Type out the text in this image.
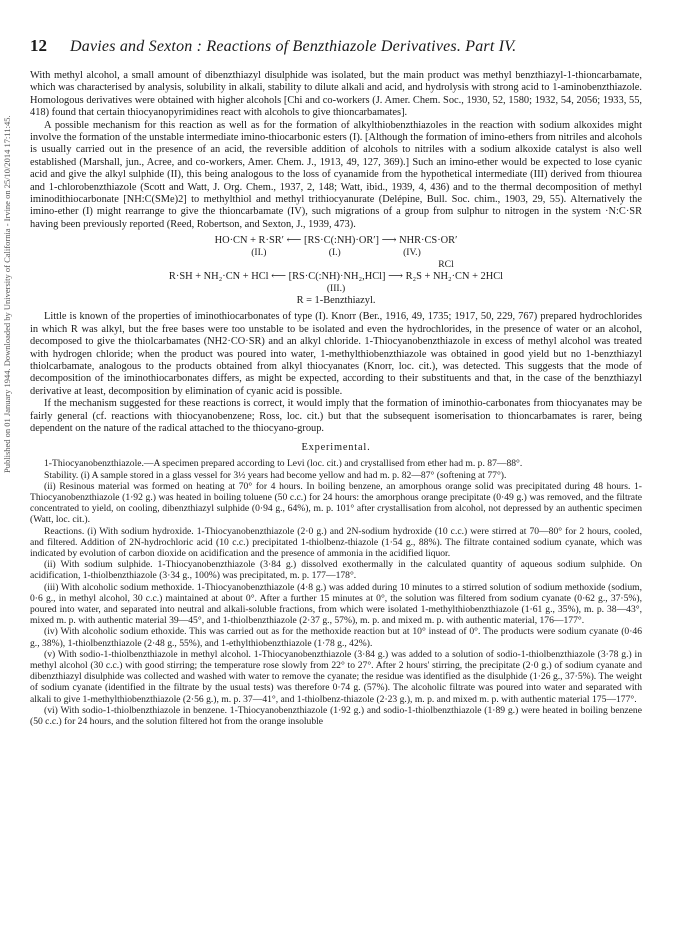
Published on 01 January 1944. Downloaded by University of California - Irvine on 25/10/2014 17:11:45.
12	Davies and Sexton : Reactions of Benzthiazole Derivatives. Part IV.

With methyl alcohol, a small amount of dibenzthiazyl disulphide was isolated, but the main product was methyl benzthiazyl-1-thioncarbamate, which was characterised by analysis, solubility in alkali, stability to dilute alkali and acid, and hydrolysis with strong acid to 1-aminobenzthiazole. Homologous derivatives were obtained with higher alcohols [Chi and co-workers (J. Amer. Chem. Soc., 1930, 52, 1580; 1932, 54, 2056; 1933, 55, 418) found that certain thiocyanopyrimidines react with alcohols to give thioncarbamates].

A possible mechanism for this reaction as well as for the formation of alkylthiobenzthiazoles in the reaction with sodium alkoxides might involve the formation of the unstable intermediate imino-thiocarbonic esters (I). [Although the formation of imino-ethers from nitriles and alcohols is usually carried out in the presence of an acid, the reversible addition of alcohols to nitriles with a sodium alkoxide catalyst is also well established (Marshall, jun., Acree, and co-workers, Amer. Chem. J., 1913, 49, 127, 369).] Such an imino-ether would be expected to lose cyanic acid and give the alkyl sulphide (II), this being analogous to the loss of cyanamide from the hypothetical intermediate (III) derived from thiourea and 1-chlorobenzthiazole (Scott and Watt, J. Org. Chem., 1937, 2, 148; Watt, ibid., 1939, 4, 436) and to the thermal decomposition of methyl iminodithiocarbonate [NH:C(SMe)2] to methylthiol and methyl trithiocyanurate (Delépine, Bull. Soc. chim., 1903, 29, 55). Alternatively the imino-ether (I) might rearrange to give the thioncarbamate (IV), such migrations of a group from sulphur to nitrogen in the system ·N:C·SR having been previously reported (Reed, Robertson, and Sexton, J., 1939, 473).

HO·CN + R·SR′ ⟵ [RS·C(:NH)·OR′] ⟶ NHR·CS·OR′
(II.)                          (I.)                          (IV.)
RCl
R·SH + NH₂·CN + HCl ⟵ [RS·C(:NH)·NH₂,HCl] ⟶ R₂S + NH₂·CN + 2HCl
(III.)
R = 1-Benzthiazyl.

Little is known of the properties of iminothiocarbonates of type (I). Knorr (Ber., 1916, 49, 1735; 1917, 50, 229, 767) prepared hydrochlorides in which R was alkyl, but the free bases were too unstable to be isolated and even the hydrochlorides, in the presence of water or an alcohol, decomposed to give the thiolcarbamates (NH2·CO·SR) and an alkyl chloride. 1-Thiocyanobenzthiazole in excess of methyl alcohol was treated with hydrogen chloride; when the product was poured into water, 1-methylthiobenzthiazole was obtained in good yield but no 1-benzthiazyl thiolcarbamate, analogous to the products obtained from alkyl thiocyanates (Knorr, loc. cit.), was detected. This suggests that the mode of decomposition of the iminothiocarbonates differs, as might be expected, according to their substituents and that, in the case of the benzthiazyl derivative at least, decomposition by elimination of cyanic acid is possible.

If the mechanism suggested for these reactions is correct, it would imply that the formation of iminothio-carbonates from thiocyanates may be fairly general (cf. reactions with thiocyanobenzene; Ross, loc. cit.) but that the subsequent isomerisation to thioncarbamates is rarer, being dependent on the nature of the radical attached to the thiocyano-group.

Experimental.

1-Thiocyanobenzthiazole.—A specimen prepared according to Levi (loc. cit.) and crystallised from ether had m. p. 87—88°.

Stability. (i) A sample stored in a glass vessel for 3½ years had become yellow and had m. p. 82—87° (softening at 77°).

(ii) Resinous material was formed on heating at 70° for 4 hours. In boiling benzene, an amorphous orange solid was precipitated during 48 hours. 1-Thiocyanobenzthiazole (1·92 g.) was heated in boiling toluene (50 c.c.) for 24 hours: the amorphous orange precipitate (0·49 g.) was removed, and the filtrate concentrated to yield, on cooling, dibenzthiazyl sulphide (0·94 g., 64%), m. p. 101° after crystallisation from alcohol, not depressed by an authentic specimen (Watt, loc. cit.).

Reactions. (i) With sodium hydroxide. 1-Thiocyanobenzthiazole (2·0 g.) and 2N-sodium hydroxide (10 c.c.) were stirred at 70—80° for 2 hours, cooled, and filtered. Addition of 2N-hydrochloric acid (10 c.c.) precipitated 1-thiolbenz-thiazole (1·54 g., 88%). The filtrate contained sodium cyanate, which was indicated by evolution of carbon dioxide on acidification and the presence of ammonia in the acidified liquor.

(ii) With sodium sulphide. 1-Thiocyanobenzthiazole (3·84 g.) dissolved exothermally in the calculated quantity of aqueous sodium sulphide. On acidification, 1-thiolbenzthiazole (3·34 g., 100%) was precipitated, m. p. 177—178°.

(iii) With alcoholic sodium methoxide. 1-Thiocyanobenzthiazole (4·8 g.) was added during 10 minutes to a stirred solution of sodium methoxide (sodium, 0·6 g., in methyl alcohol, 30 c.c.) maintained at about 0°. After a further 15 minutes at 0°, the solution was filtered from sodium cyanate (0·62 g., 37·5%), poured into water, and separated into neutral and alkali-soluble fractions, from which were isolated 1-methylthiobenzthiazole (1·61 g., 35%), m. p. 38—43°, mixed m. p. with authentic material 39—45°, and 1-thiolbenzthiazole (2·37 g., 57%), m. p. and mixed m. p. with authentic material, 176—177°.

(iv) With alcoholic sodium ethoxide. This was carried out as for the methoxide reaction but at 10° instead of 0°. The products were sodium cyanate (0·46 g., 38%), 1-thiolbenzthiazole (2·48 g., 55%), and 1-ethylthiobenzthiazole (1·78 g., 42%).

(v) With sodio-1-thiolbenzthiazole in methyl alcohol. 1-Thiocyanobenzthiazole (3·84 g.) was added to a solution of sodio-1-thiolbenzthiazole (3·78 g.) in methyl alcohol (30 c.c.) with good stirring; the temperature rose slowly from 22° to 27°. After 2 hours' stirring, the precipitate (2·0 g.) of sodium cyanate and dibenzthiazyl disulphide was collected and washed with water to remove the cyanate; the residue was identified as the disulphide (1·26 g., 37·5%). The weight of sodium cyanate (identified in the filtrate by the usual tests) was therefore 0·74 g. (57%). The alcoholic filtrate was poured into water and separated with alkali to give 1-methylthiobenzthiazole (2·56 g.), m. p. 37—41°, and 1-thiolbenz-thiazole (2·23 g.), m. p. and mixed m. p. with authentic material 175—177°.

(vi) With sodio-1-thiolbenzthiazole in benzene. 1-Thiocyanobenzthiazole (1·92 g.) and sodio-1-thiolbenzthiazole (1·89 g.) were heated in boiling benzene (50 c.c.) for 24 hours, and the solution filtered hot from the orange insoluble
